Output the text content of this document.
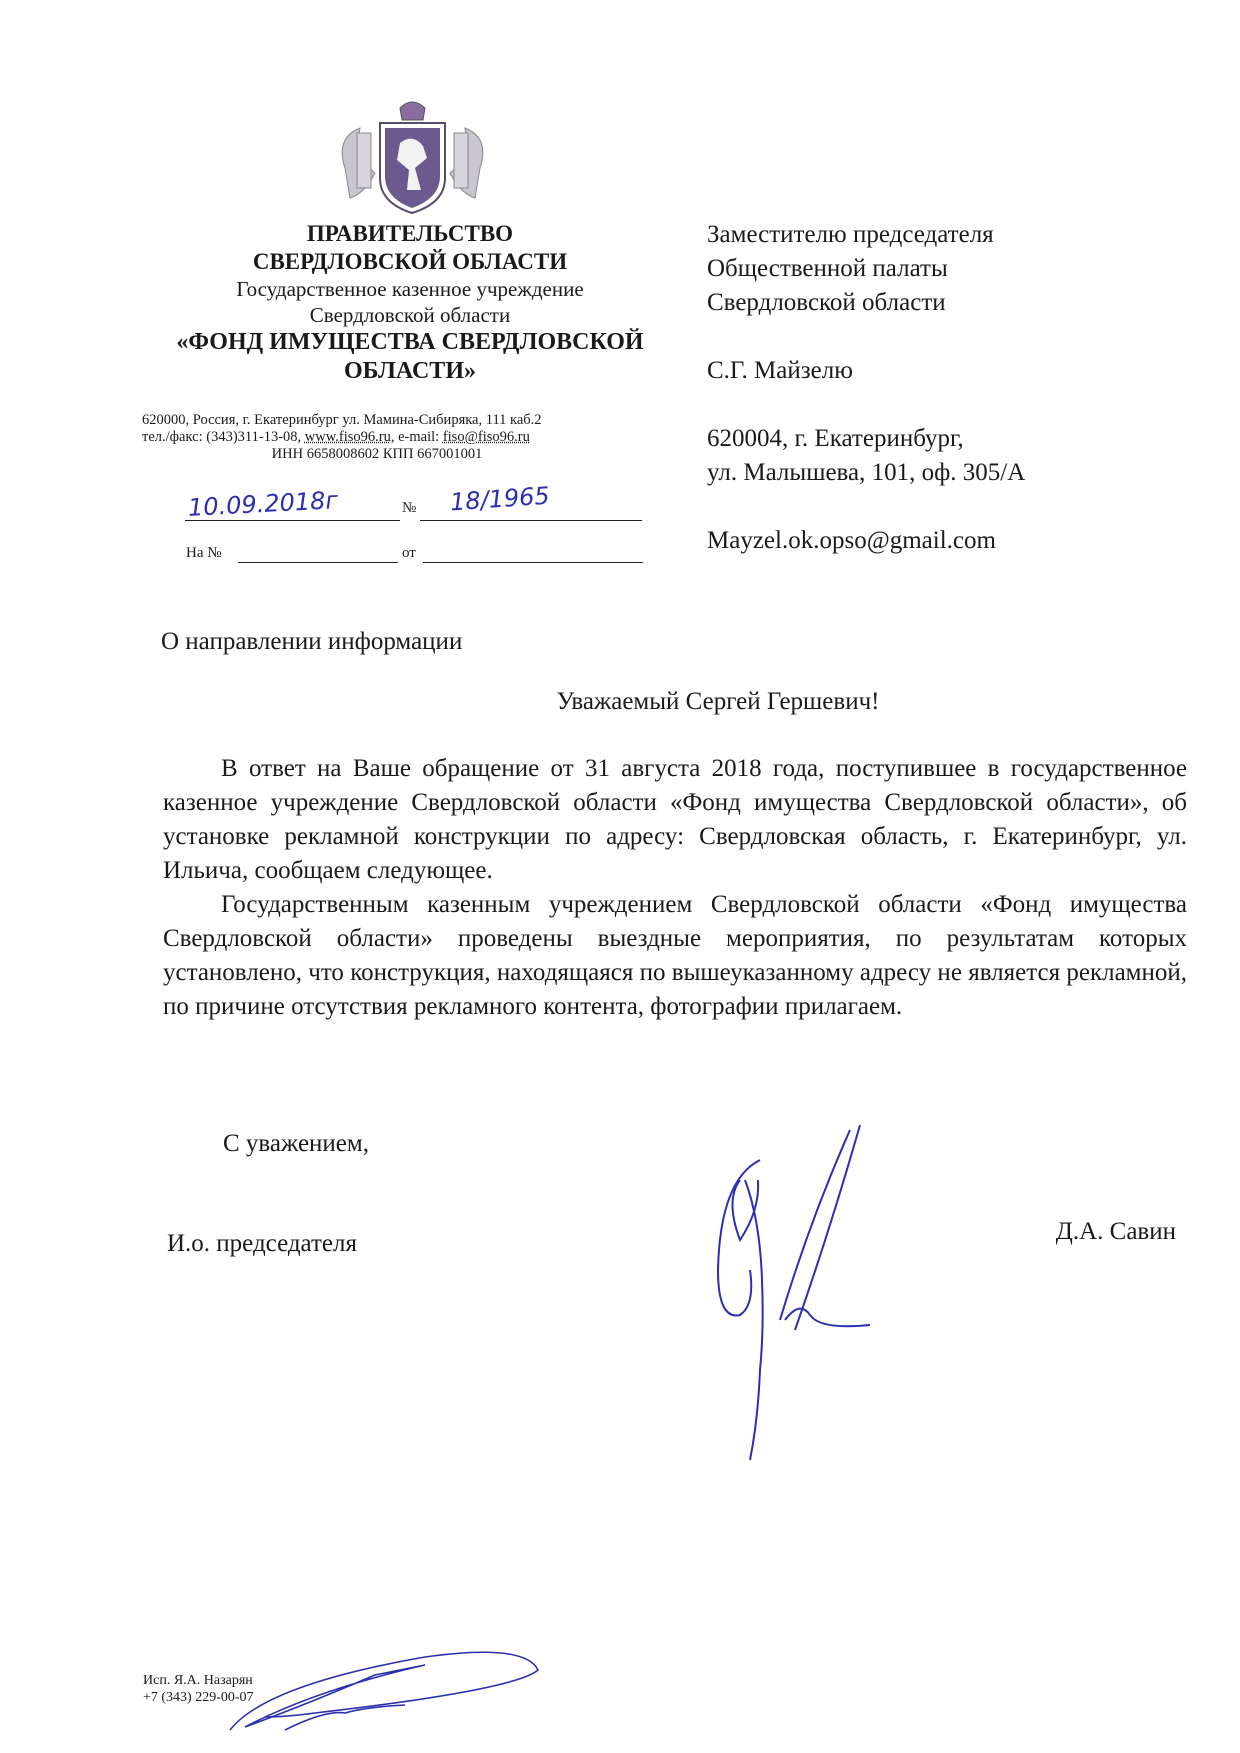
ПРАВИТЕЛЬСТВО
СВЕРДЛОВСКОЙ ОБЛАСТИ
Государственное казенное учреждение
Свердловской области
«ФОНД ИМУЩЕСТВА СВЕРДЛОВСКОЙ
ОБЛАСТИ»
620000, Россия, г. Екатеринбург ул. Мамина-Сибиряка, 111 каб.2
тел./факс: (343)311-13-08, www.fiso96.ru, e-mail: fiso@fiso96.ru
ИНН 6658008602 КПП 667001001
10.09.2018г	№ 18/1965
На №	от
Заместителю председателя
Общественной палаты
Свердловской области
С.Г. Майзелю
620004, г. Екатеринбург,
ул. Малышева, 101, оф. 305/А
Mayzel.ok.opso@gmail.com
О направлении информации
Уважаемый Сергей Гершевич!

В ответ на Ваше обращение от 31 августа 2018 года, поступившее в государственное казенное учреждение Свердловской области «Фонд имущества Свердловской области», об установке рекламной конструкции по адресу: Свердловская область, г. Екатеринбург, ул. Ильича, сообщаем следующее.

Государственным казенным учреждением Свердловской области «Фонд имущества Свердловской области» проведены выездные мероприятия, по результатам которых установлено, что конструкция, находящаяся по вышеуказанному адресу не является рекламной, по причине отсутствия рекламного контента, фотографии прилагаем.

С уважением,
И.о. председателя	Д.А. Савин
Исп. Я.А. Назарян
+7 (343) 229-00-07
